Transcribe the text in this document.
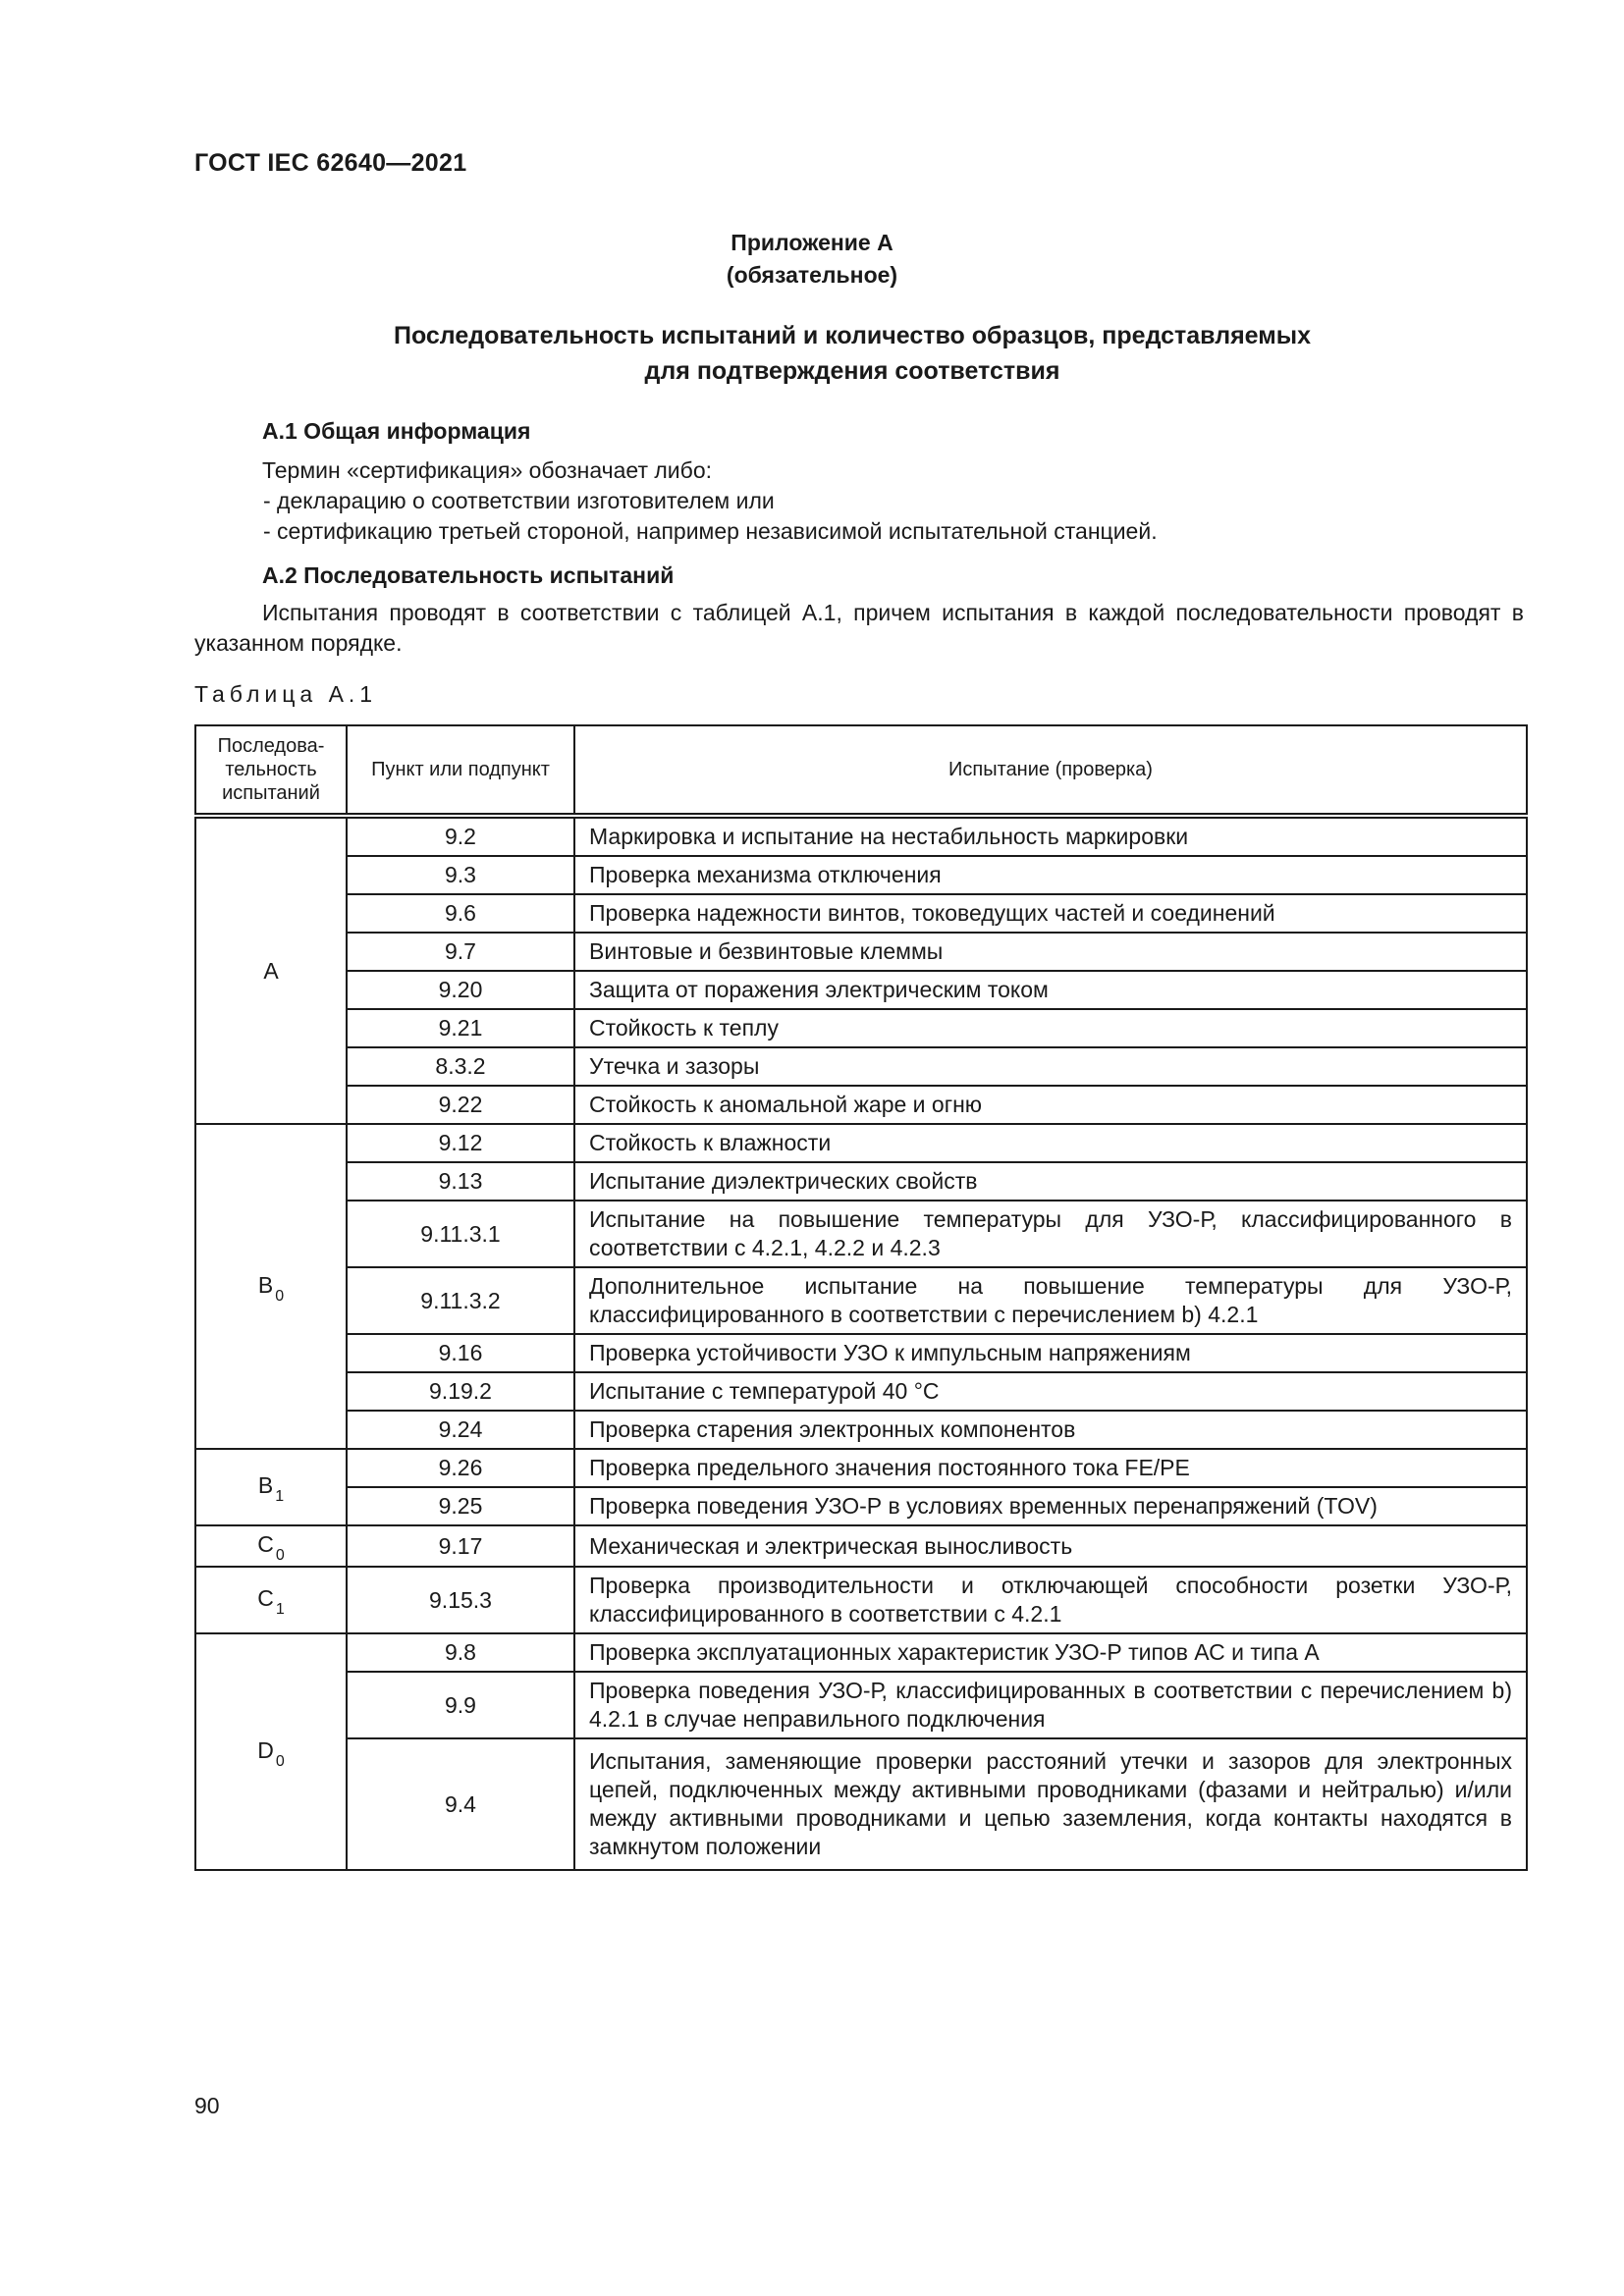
ГОСТ IEC 62640—2021
Приложение А
(обязательное)
Последовательность испытаний и количество образцов, представляемых
для подтверждения соответствия
А.1 Общая информация
Термин «сертификация» обозначает либо:
- декларацию о соответствии изготовителем или
- сертификацию третьей стороной, например независимой испытательной станцией.
А.2 Последовательность испытаний
Испытания проводят в соответствии с таблицей А.1, причем испытания в каждой последовательности проводят в указанном порядке.
Таблица А.1
Последова-тельность испытаний	Пункт или подпункт	Испытание (проверка)
А	9.2	Маркировка и испытание на нестабильность маркировки
	9.3	Проверка механизма отключения
	9.6	Проверка надежности винтов, токоведущих частей и соединений
	9.7	Винтовые и безвинтовые клеммы
	9.20	Защита от поражения электрическим током
	9.21	Стойкость к теплу
	8.3.2	Утечка и зазоры
	9.22	Стойкость к аномальной жаре и огню
B $_0$	9.12	Стойкость к влажности
	9.13	Испытание диэлектрических свойств
	9.11.3.1	Испытание на повышение температуры для УЗО-Р, классифицированного в соответствии с 4.2.1, 4.2.2 и 4.2.3
	9.11.3.2	Дополнительное испытание на повышение температуры для УЗО-Р, классифицированного в соответствии с перечислением b) 4.2.1
	9.16	Проверка устойчивости УЗО к импульсным напряжениям
	9.19.2	Испытание с температурой 40 °С
	9.24	Проверка старения электронных компонентов
B $_1$	9.26	Проверка предельного значения постоянного тока FE/PE
	9.25	Проверка поведения УЗО-Р в условиях временных перенапряжений (TOV)
C $_0$	9.17	Механическая и электрическая выносливость
C $_1$	9.15.3	Проверка производительности и отключающей способности розетки УЗО-Р, классифицированного в соответствии с 4.2.1
D $_0$	9.8	Проверка эксплуатационных характеристик УЗО-Р типов АС и типа А
	9.9	Проверка поведения УЗО-Р, классифицированных в соответствии с перечислением b) 4.2.1 в случае неправильного подключения
	9.4	Испытания, заменяющие проверки расстояний утечки и зазоров для электронных цепей, подключенных между активными проводниками (фазами и нейтралью) и/или между активными проводниками и цепью заземления, когда контакты находятся в замкнутом положении
90
